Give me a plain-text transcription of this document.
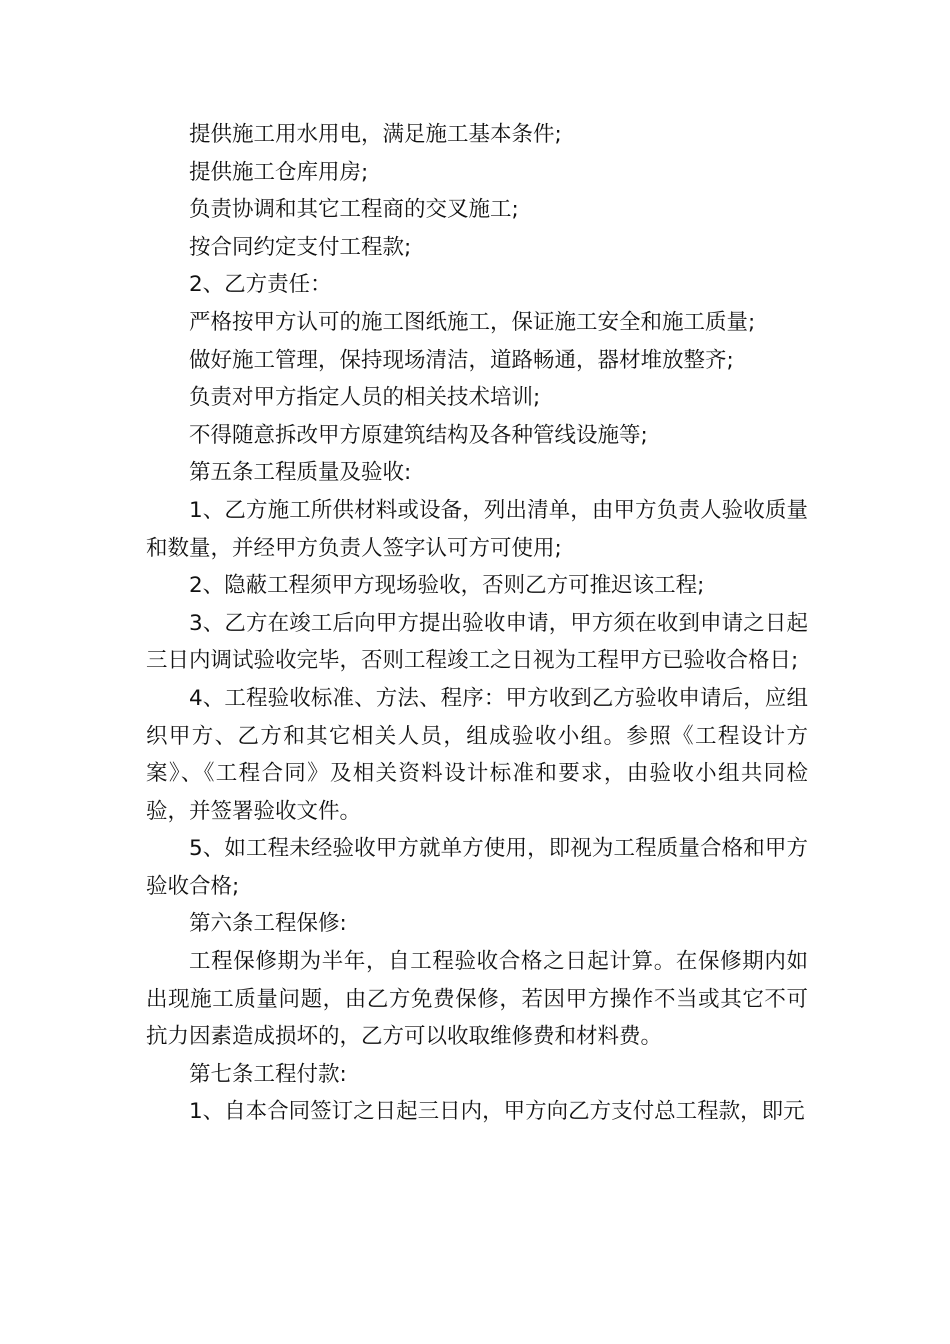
提供施工用水用电，满足施工基本条件;

提供施工仓库用房;

负责协调和其它工程商的交叉施工;

按合同约定支付工程款;

2、乙方责任：

严格按甲方认可的施工图纸施工，保证施工安全和施工质量;

做好施工管理，保持现场清洁，道路畅通，器材堆放整齐;

负责对甲方指定人员的相关技术培训;

不得随意拆改甲方原建筑结构及各种管线设施等;

第五条工程质量及验收:

1、乙方施工所供材料或设备，列出清单，由甲方负责人验收质量和数量，并经甲方负责人签字认可方可使用;

2、隐蔽工程须甲方现场验收，否则乙方可推迟该工程;

3、乙方在竣工后向甲方提出验收申请，甲方须在收到申请之日起三日内调试验收完毕，否则工程竣工之日视为工程甲方已验收合格日;

4、工程验收标准、方法、程序：甲方收到乙方验收申请后，应组织甲方、乙方和其它相关人员，组成验收小组。参照《工程设计方案》、《工程合同》及相关资料设计标准和要求，由验收小组共同检验，并签署验收文件。

5、如工程未经验收甲方就单方使用，即视为工程质量合格和甲方验收合格;

第六条工程保修:

工程保修期为半年，自工程验收合格之日起计算。在保修期内如出现施工质量问题，由乙方免费保修，若因甲方操作不当或其它不可抗力因素造成损坏的，乙方可以收取维修费和材料费。

第七条工程付款:

1、自本合同签订之日起三日内，甲方向乙方支付总工程款，即元
